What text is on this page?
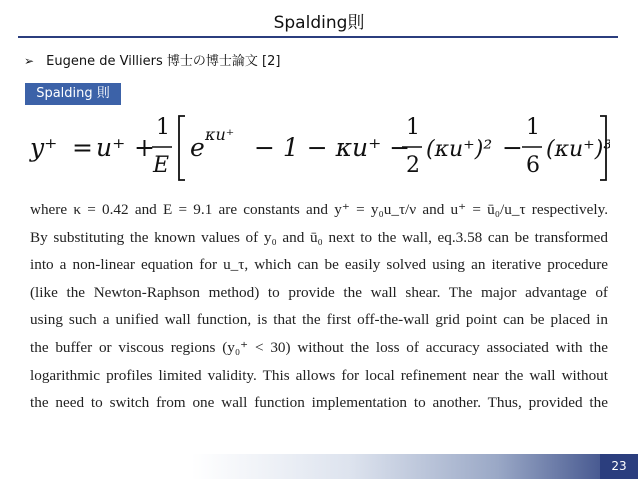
Spalding則
➢ Eugene de Villiers 博士の博士論文 [2]
Spalding 則
y⁺ = u⁺ +
1
E
e κu⁺ − 1 − κu⁺ −
1
2
(κu⁺)² −
1
6
(κu⁺)³
where κ = 0.42 and E = 9.1 are constants and y⁺ = y₀u_τ/ν and u⁺ = ū₀/u_τ respectively.
By substituting the known values of y₀ and ū₀ next to the wall, eq.3.58 can be transformed
into a non-linear equation for u_τ, which can be easily solved using an iterative procedure
(like the Newton-Raphson method) to provide the wall shear. The major advantage of
using such a unified wall function, is that the first off-the-wall grid point can be placed in
the buffer or viscous regions (y₀⁺ < 30) without the loss of accuracy associated with the
logarithmic profiles limited validity. This allows for local refinement near the wall without
the need to switch from one wall function implementation to another. Thus, provided the
23
